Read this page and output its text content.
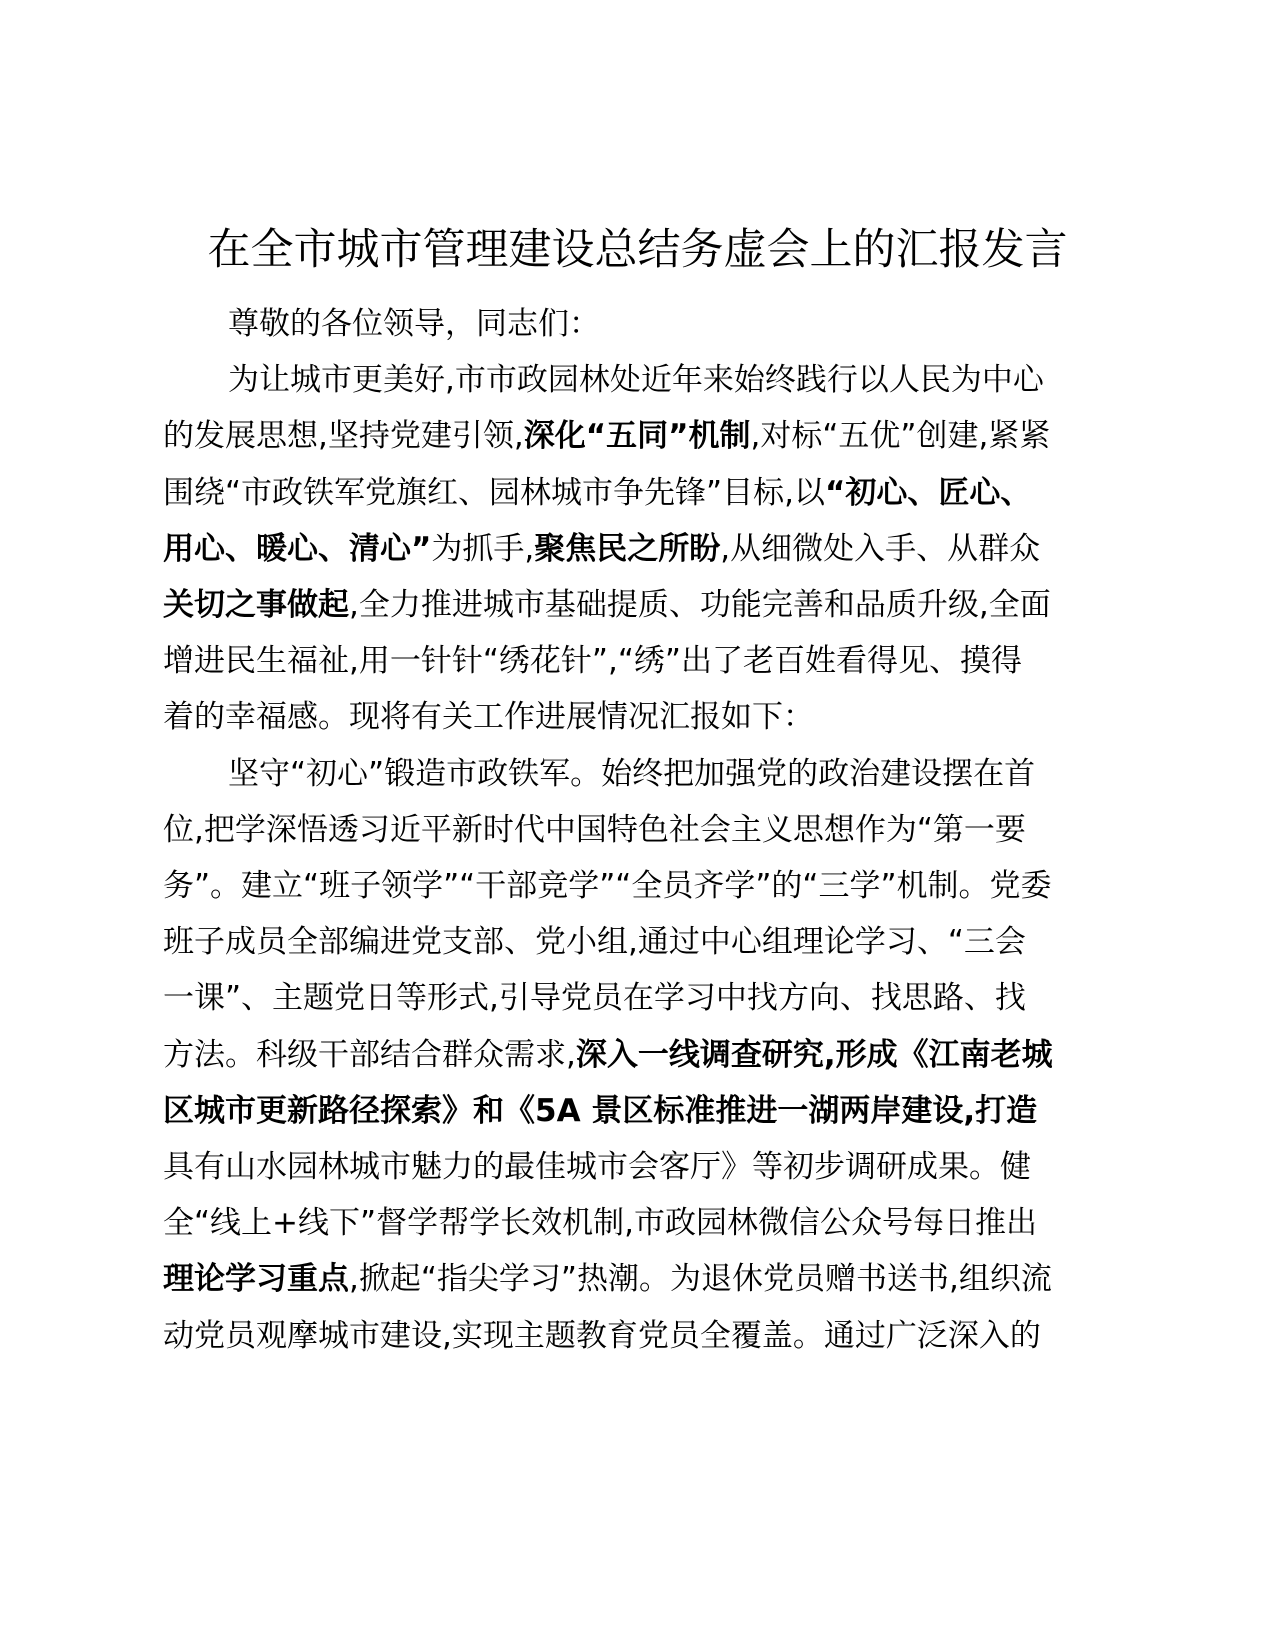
在全市城市管理建设总结务虚会上的汇报发言

尊敬的各位领导，同志们：

为让城市更美好,市市政园林处近年来始终践行以人民为中心

的发展思想,坚持党建引领,深化“五同”机制,对标“五优”创建,紧紧

围绕“市政铁军党旗红、园林城市争先锋”目标,以“初心、匠心、

用心、暖心、清心”为抓手,聚焦民之所盼,从细微处入手、从群众

关切之事做起,全力推进城市基础提质、功能完善和品质升级,全面

增进民生福祉,用一针针“绣花针”,“绣”出了老百姓看得见、摸得

着的幸福感。现将有关工作进展情况汇报如下：

坚守“初心”锻造市政铁军。始终把加强党的政治建设摆在首

位,把学深悟透习近平新时代中国特色社会主义思想作为“第一要

务”。建立“班子领学”“干部竞学”“全员齐学”的“三学”机制。党委

班子成员全部编进党支部、党小组,通过中心组理论学习、“三会

一课”、主题党日等形式,引导党员在学习中找方向、找思路、找

方法。科级干部结合群众需求,深入一线调查研究,形成《江南老城

区城市更新路径探索》和《5A 景区标准推进一湖两岸建设,打造

具有山水园林城市魅力的最佳城市会客厅》等初步调研成果。健

全“线上+线下”督学帮学长效机制,市政园林微信公众号每日推出

理论学习重点,掀起“指尖学习”热潮。为退休党员赠书送书,组织流

动党员观摩城市建设,实现主题教育党员全覆盖。通过广泛深入的
